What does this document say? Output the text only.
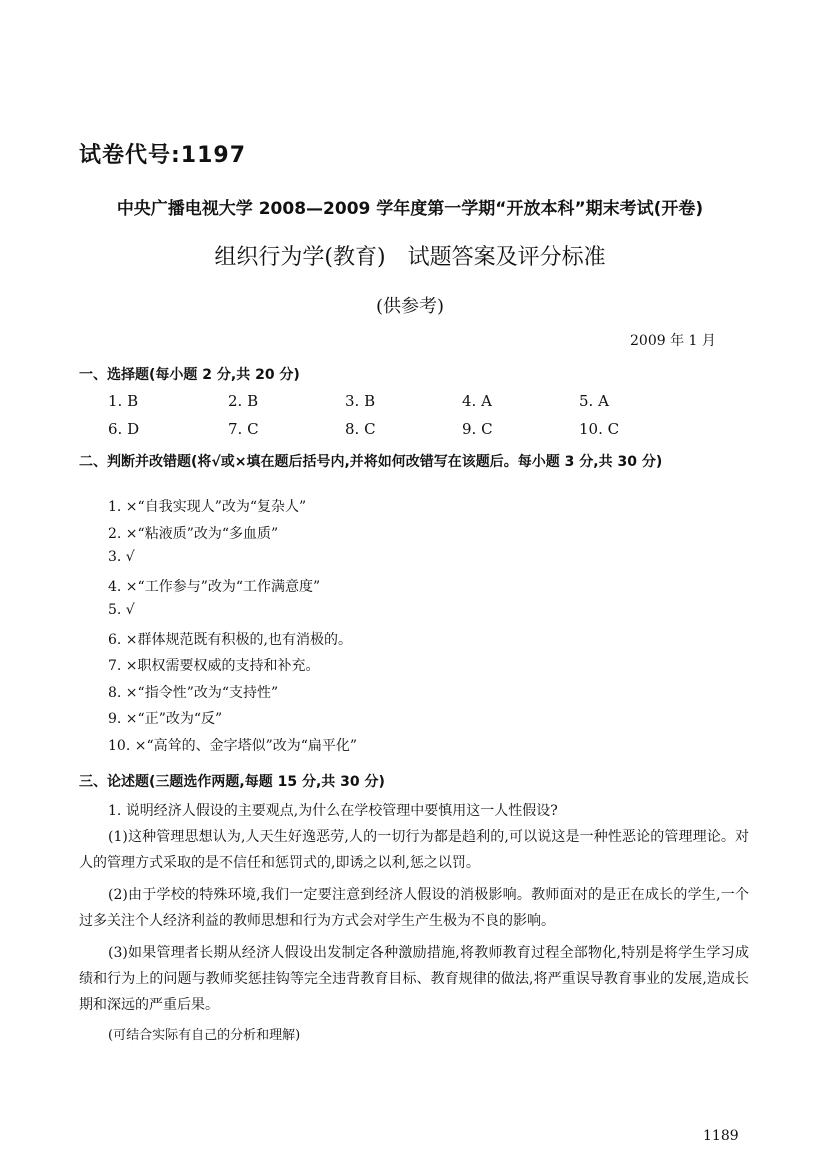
试卷代号:1197
中央广播电视大学 2008—2009 学年度第一学期“开放本科”期末考试(开卷)
组织行为学(教育)　试题答案及评分标准
(供参考)
2009 年 1 月
一、选择题(每小题 2 分,共 20 分)
1. B	2. B	3. B	4. A	5. A
6. D	7. C	8. C	9. C	10. C
二、判断并改错题(将√或×填在题后括号内,并将如何改错写在该题后。每小题 3 分,共 30 分)
1. ×“自我实现人”改为“复杂人”
2. ×“粘液质”改为“多血质”
3. √
4. ×“工作参与”改为“工作满意度”
5. √
6. ×群体规范既有积极的,也有消极的。
7. ×职权需要权威的支持和补充。
8. ×“指令性”改为“支持性”
9. ×“正”改为“反”
10. ×“高耸的、金字塔似”改为“扁平化”
三、论述题(三题选作两题,每题 15 分,共 30 分)

1. 说明经济人假设的主要观点,为什么在学校管理中要慎用这一人性假设?

(1)这种管理思想认为,人天生好逸恶劳,人的一切行为都是趋利的,可以说这是一种性恶论的管理理论。对人的管理方式采取的是不信任和惩罚式的,即诱之以利,惩之以罚。

(2)由于学校的特殊环境,我们一定要注意到经济人假设的消极影响。教师面对的是正在成长的学生,一个过多关注个人经济利益的教师思想和行为方式会对学生产生极为不良的影响。

(3)如果管理者长期从经济人假设出发制定各种激励措施,将教师教育过程全部物化,特别是将学生学习成绩和行为上的问题与教师奖惩挂钩等完全违背教育目标、教育规律的做法,将严重误导教育事业的发展,造成长期和深远的严重后果。

(可结合实际有自己的分析和理解)

1189
